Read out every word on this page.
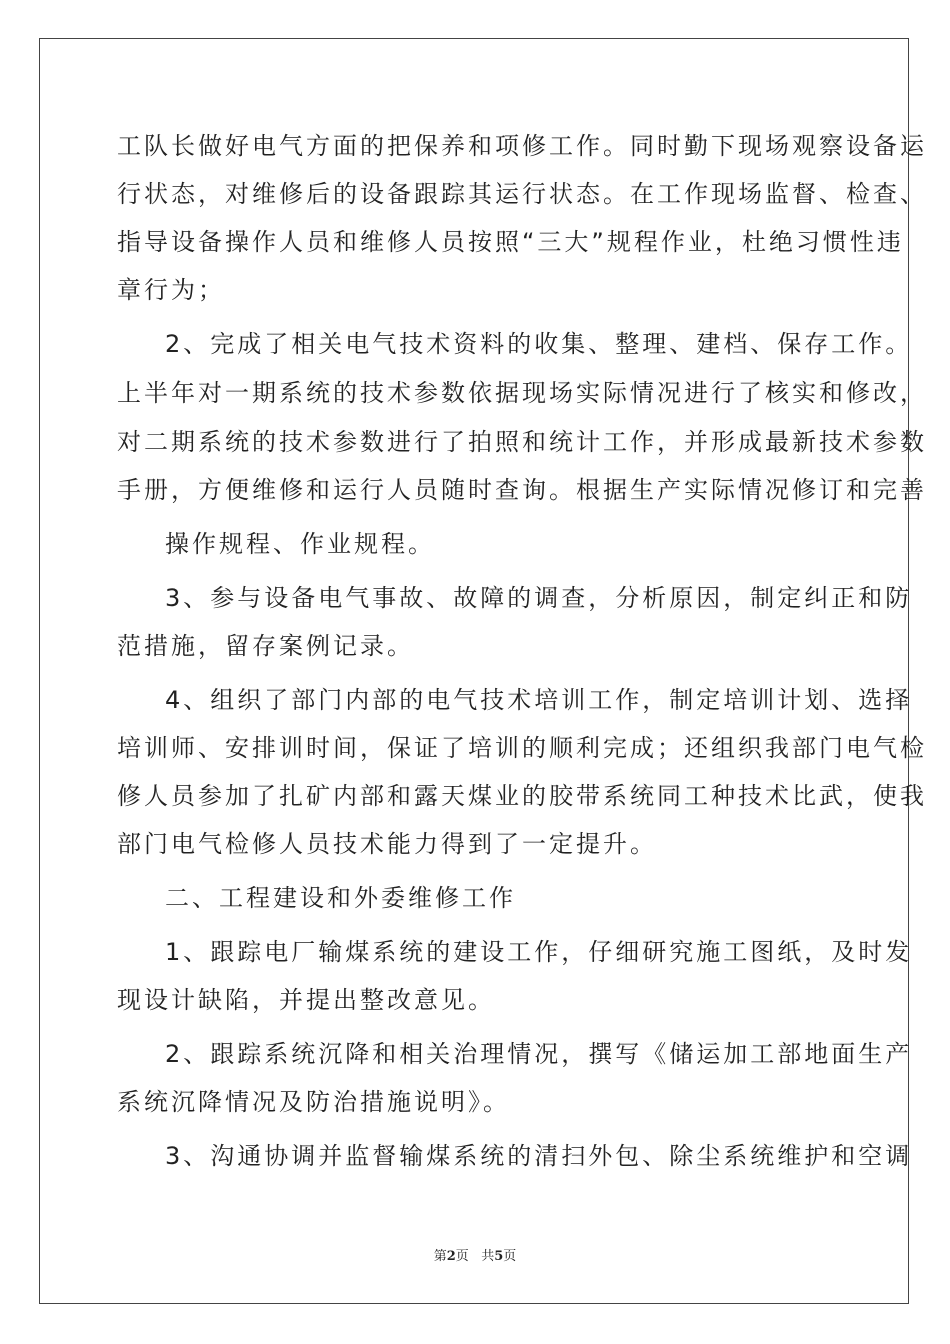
工队长做好电气方面的把保养和项修工作。同时勤下现场观察设备运
行状态，对维修后的设备跟踪其运行状态。在工作现场监督、检查、
指导设备操作人员和维修人员按照“三大”规程作业，杜绝习惯性违
章行为；
2、完成了相关电气技术资料的收集、整理、建档、保存工作。
上半年对一期系统的技术参数依据现场实际情况进行了核实和修改，
对二期系统的技术参数进行了拍照和统计工作，并形成最新技术参数
手册，方便维修和运行人员随时查询。根据生产实际情况修订和完善
操作规程、作业规程。
3、参与设备电气事故、故障的调查，分析原因，制定纠正和防
范措施，留存案例记录。
4、组织了部门内部的电气技术培训工作，制定培训计划、选择
培训师、安排训时间，保证了培训的顺利完成；还组织我部门电气检
修人员参加了扎矿内部和露天煤业的胶带系统同工种技术比武，使我
部门电气检修人员技术能力得到了一定提升。
二、工程建设和外委维修工作
1、跟踪电厂输煤系统的建设工作，仔细研究施工图纸，及时发
现设计缺陷，并提出整改意见。
2、跟踪系统沉降和相关治理情况，撰写《储运加工部地面生产
系统沉降情况及防治措施说明》。
3、沟通协调并监督输煤系统的清扫外包、除尘系统维护和空调
第2页 共5页
